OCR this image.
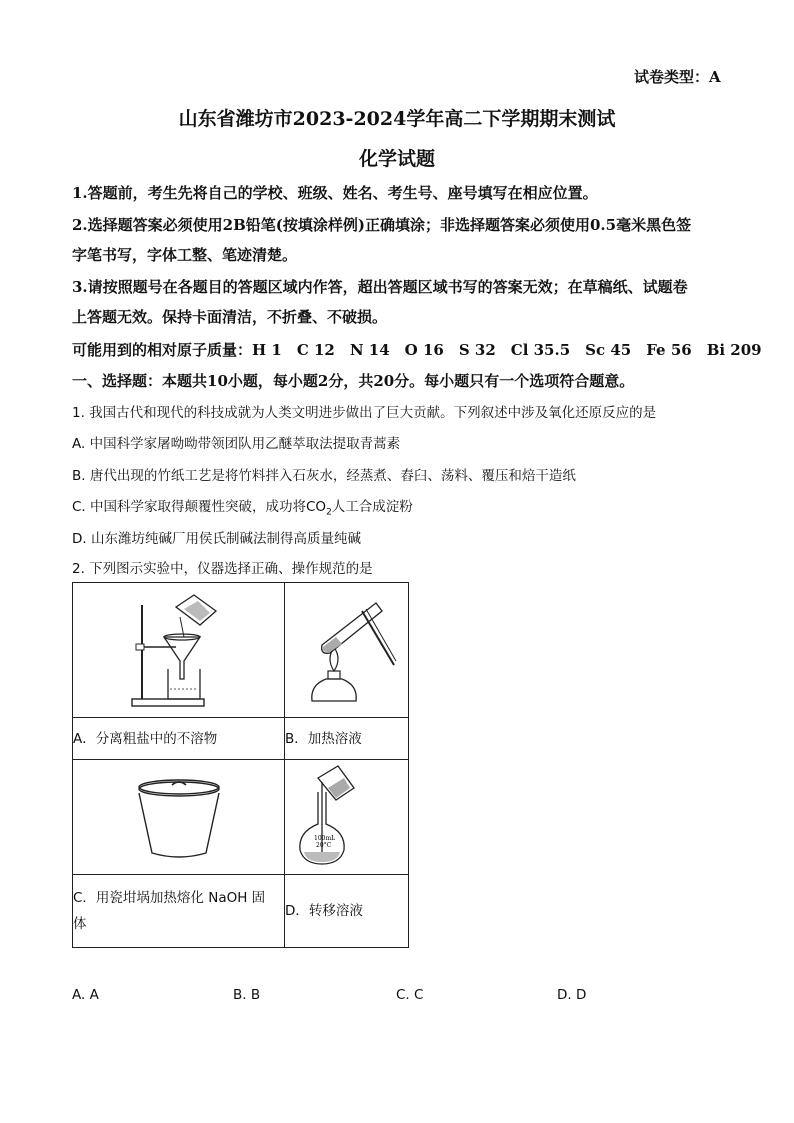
试卷类型：A
山东省潍坊市2023-2024学年高二下学期期末测试
化学试题
1.答题前，考生先将自己的学校、班级、姓名、考生号、座号填写在相应位置。
2.选择题答案必须使用2B铅笔(按填涂样例)正确填涂；非选择题答案必须使用0.5毫米黑色签
字笔书写，字体工整、笔迹清楚。
3.请按照题号在各题目的答题区域内作答，超出答题区域书写的答案无效；在草稿纸、试题卷
上答题无效。保持卡面清洁，不折叠、不破损。
可能用到的相对原子质量：H 1　C 12　N 14　O 16　S 32　Cl 35.5　Sc 45　Fe 56　Bi 209
一、选择题：本题共10小题，每小题2分，共20分。每小题只有一个选项符合题意。
1. 我国古代和现代的科技成就为人类文明进步做出了巨大贡献。下列叙述中涉及氧化还原反应的是
A. 中国科学家屠呦呦带领团队用乙醚萃取法提取青蒿素
B. 唐代出现的竹纸工艺是将竹料拌入石灰水，经蒸煮、舂臼、荡料、覆压和焙干造纸
C. 中国科学家取得颠覆性突破，成功将$CO_2$人工合成淀粉
D. 山东潍坊纯碱厂用侯氏制碱法制得高质量纯碱
2. 下列图示实验中，仪器选择正确、操作规范的是

A．分离粗盐中的不溶物	B．加热溶液

100mL
20°C

C．用瓷坩埚加热熔化 NaOH 固
体	D．转移溶液
A. A	B. B	C. C	D. D
